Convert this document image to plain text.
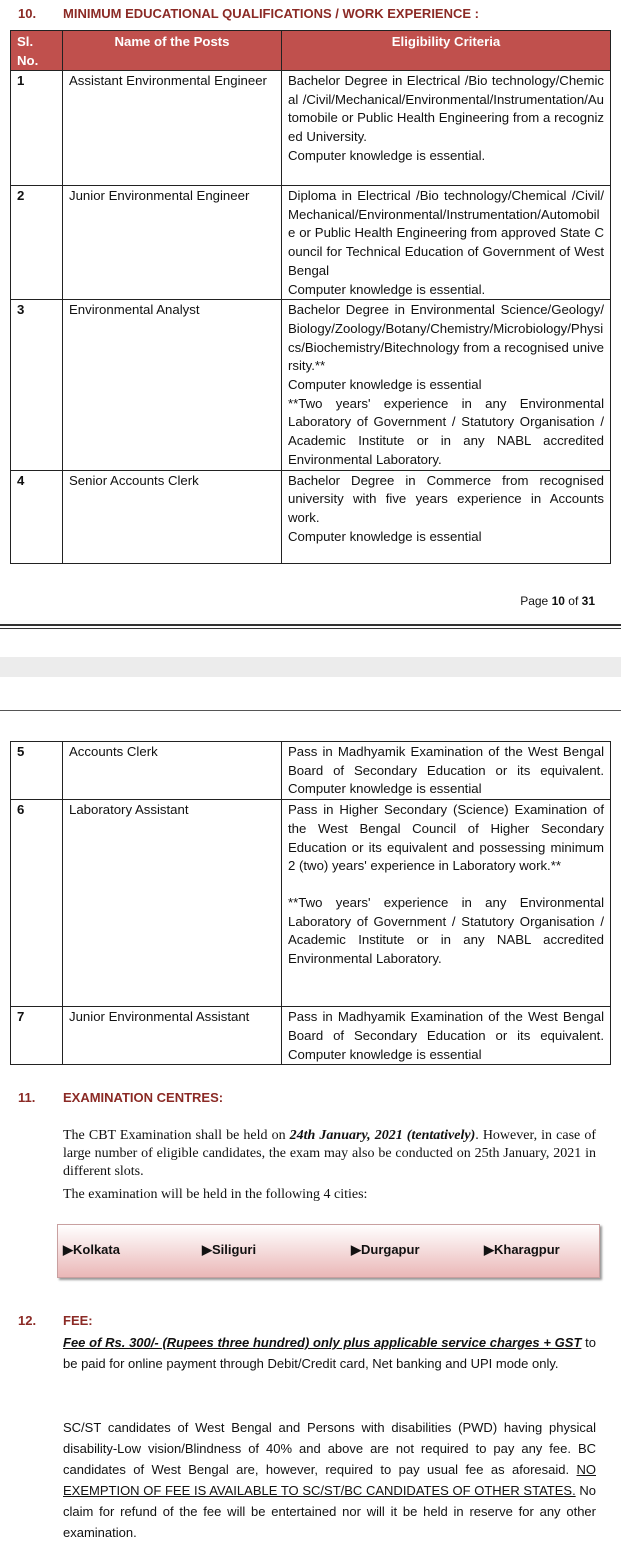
10. MINIMUM EDUCATIONAL QUALIFICATIONS / WORK EXPERIENCE :
Sl. No.	Name of the Posts	Eligibility Criteria
1	Assistant Environmental Engineer	Bachelor Degree in Electrical /Bio technology/Chemical /Civil/Mechanical/Environmental/Instrumentation/Automobile or Public Health Engineering from a recognized University.

Computer knowledge is essential.

2	Junior Environmental Engineer	Diploma in Electrical /Bio technology/Chemical /Civil/Mechanical/Environmental/Instrumentation/Automobile or Public Health Engineering from approved State Council for Technical Education of Government of West Bengal

Computer knowledge is essential.

3	Environmental Analyst	Bachelor Degree in Environmental Science/Geology/Biology/Zoology/Botany/Chemistry/Microbiology/Physics/Biochemistry/Bitechnology from a recognised university.**

Computer knowledge is essential

**Two years' experience in any Environmental Laboratory of Government / Statutory Organisation / Academic Institute or in any NABL accredited Environmental Laboratory.

4	Senior Accounts Clerk	Bachelor Degree in Commerce from recognised university with five years experience in Accounts work.

Computer knowledge is essential

Page 10 of 31
5	Accounts Clerk	Pass in Madhyamik Examination of the West Bengal Board of Secondary Education or its equivalent. Computer knowledge is essential

6	Laboratory Assistant	Pass in Higher Secondary (Science) Examination of the West Bengal Council of Higher Secondary Education or its equivalent and possessing minimum 2 (two) years' experience in Laboratory work.**

**Two years' experience in any Environmental Laboratory of Government / Statutory Organisation / Academic Institute or in any NABL accredited Environmental Laboratory.

7	Junior Environmental Assistant	Pass in Madhyamik Examination of the West Bengal Board of Secondary Education or its equivalent. Computer knowledge is essential

11. EXAMINATION CENTRES:
The CBT Examination shall be held on 24th January, 2021 (tentatively). However, in case of large number of eligible candidates, the exam may also be conducted on 25th January, 2021 in different slots.
The examination will be held in the following 4 cities:
▶Kolkata	▶Siliguri	▶Durgapur	▶Kharagpur
12. FEE:
Fee of Rs. 300/- (Rupees three hundred) only plus applicable service charges + GST to be paid for online payment through Debit/Credit card, Net banking and UPI mode only.
SC/ST candidates of West Bengal and Persons with disabilities (PWD) having physical disability-Low vision/Blindness of 40% and above are not required to pay any fee. BC candidates of West Bengal are, however, required to pay usual fee as aforesaid. NO EXEMPTION OF FEE IS AVAILABLE TO SC/ST/BC CANDIDATES OF OTHER STATES. No claim for refund of the fee will be entertained nor will it be held in reserve for any other examination.
